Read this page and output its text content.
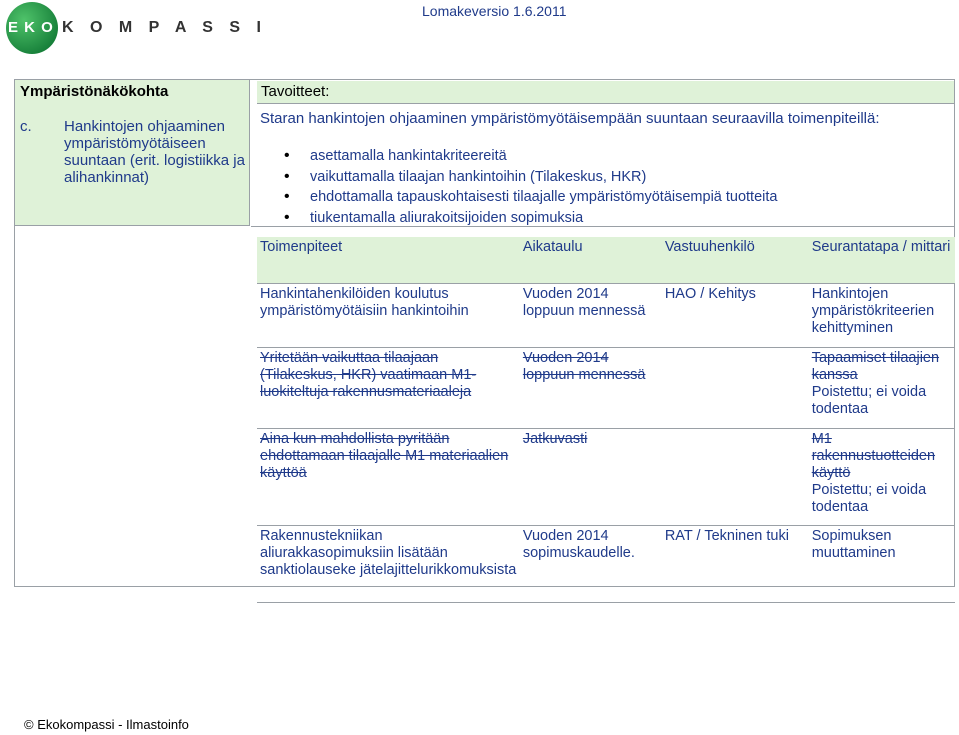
E K O K O M P A S S I
Lomakeversio 1.6.2011
Ympäristönäkökohta
c. Hankintojen ohjaaminen ympäristömyötäiseen suuntaan (erit. logistiikka ja alihankinnat)
Tavoitteet:
Staran hankintojen ohjaaminen ympäristömyötäisempään suuntaan seuraavilla toimenpiteillä:
• asettamalla hankintakriteereitä
• vaikuttamalla tilaajan hankintoihin (Tilakeskus, HKR)
• ehdottamalla tapauskohtaisesti tilaajalle ympäristömyötäisempiä tuotteita
• tiukentamalla aliurakoitsijoiden sopimuksia
Toimenpiteet	Aikataulu	Vastuuhenkilö	Seurantatapa / mittari
Hankintahenkilöiden koulutus ympäristömyötäisiin hankintoihin	Vuoden 2014 loppuun mennessä	HAO / Kehitys	Hankintojen ympäristökriteerien kehittyminen
Yritetään vaikuttaa tilaajaan (Tilakeskus, HKR) vaatimaan M1-luokiteltuja rakennusmateriaaleja	Vuoden 2014 loppuun mennessä		Tapaamiset tilaajien kanssa
Poistettu; ei voida todentaa
Aina kun mahdollista pyritään ehdottamaan tilaajalle M1 materiaalien käyttöä	Jatkuvasti		M1 rakennustuotteiden käyttö
Poistettu; ei voida todentaa
Rakennustekniikan aliurakkasopimuksiin lisätään sanktiolauseke jätelajittelurikkomuksista	Vuoden 2014 sopimuskaudelle.	RAT / Tekninen tuki	Sopimuksen muuttaminen
© Ekokompassi - Ilmastoinfo
